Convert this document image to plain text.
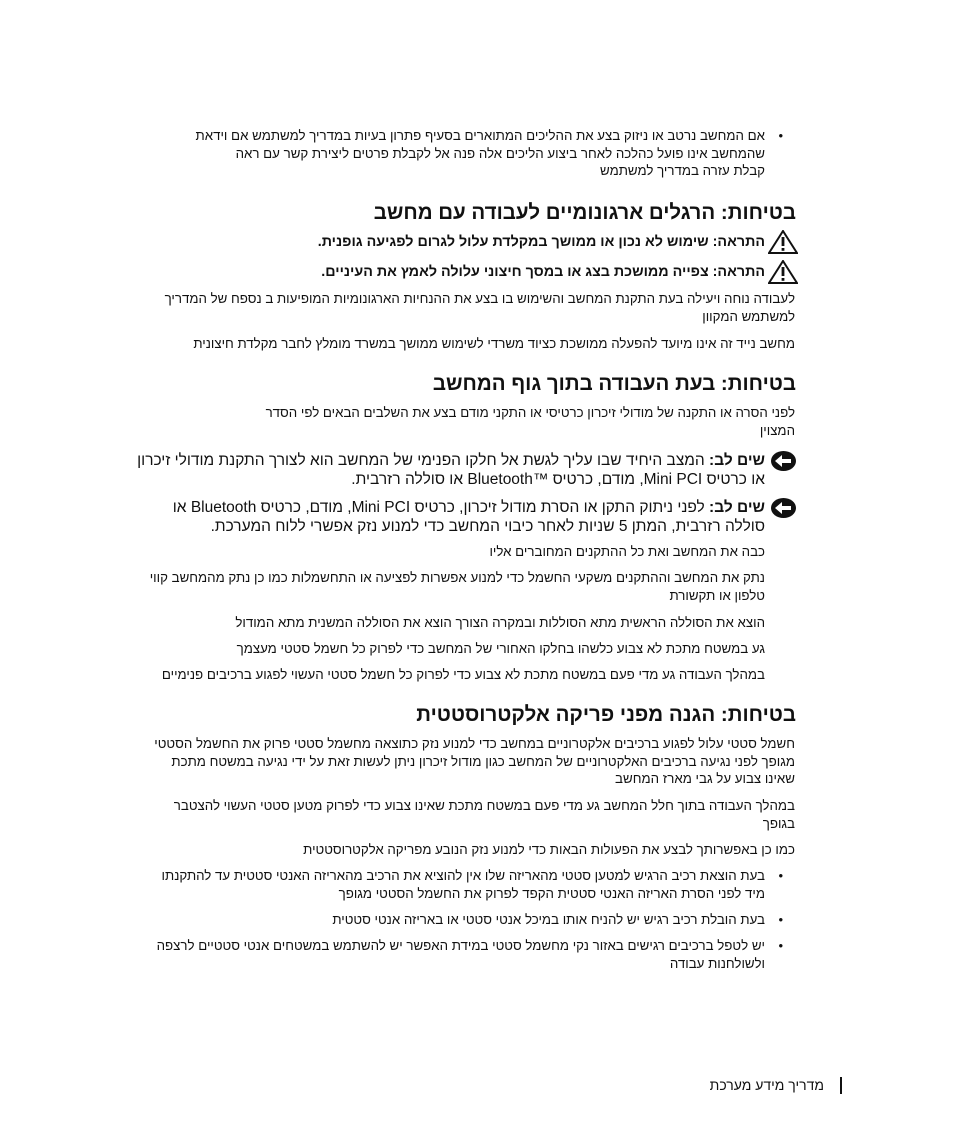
•
אם המחשב נרטב או ניזוק בצע את ההליכים המתוארים בסעיף פתרון בעיות במדריך למשתמש אם וידאת
שהמחשב אינו פועל כהלכה לאחר ביצוע הליכים אלה פנה אל לקבלת פרטים ליצירת קשר עם ראה
קבלת עזרה במדריך למשתמש
בטיחות: הרגלים ארגונומיים לעבודה עם מחשב
התראה: שימוש לא נכון או ממושך במקלדת עלול לגרום לפגיעה גופנית.
התראה: צפייה ממושכת בצג או במסך חיצוני עלולה לאמץ את העיניים.
לעבודה נוחה ויעילה בעת התקנת המחשב והשימוש בו בצע את ההנחיות הארגונומיות המופיעות ב נספח של המדריך
למשתמש המקוון
מחשב נייד זה אינו מיועד להפעלה ממושכת כציוד משרדי לשימוש ממושך במשרד מומלץ לחבר מקלדת חיצונית
בטיחות: בעת העבודה בתוך גוף המחשב
לפני הסרה או התקנה של מודולי זיכרון כרטיסי או התקני מודם בצע את השלבים הבאים לפי הסדר
המצוין
שים לב: המצב היחיד שבו עליך לגשת אל חלקו הפנימי של המחשב הוא לצורך התקנת מודולי זיכרון
או כרטיס Mini PCI, מודם, כרטיס ™Bluetooth או סוללה רזרבית.
שים לב: לפני ניתוק התקן או הסרת מודול זיכרון, כרטיס Mini PCI, מודם, כרטיס Bluetooth או
סוללה רזרבית, המתן 5 שניות לאחר כיבוי המחשב כדי למנוע נזק אפשרי ללוח המערכת.
כבה את המחשב ואת כל ההתקנים המחוברים אליו
נתק את המחשב וההתקנים משקעי החשמל כדי למנוע אפשרות לפציעה או התחשמלות כמו כן נתק מהמחשב קווי
טלפון או תקשורת
הוצא את הסוללה הראשית מתא הסוללות ובמקרה הצורך הוצא את הסוללה המשנית מתא המודול
גע במשטח מתכת לא צבוע כלשהו בחלקו האחורי של המחשב כדי לפרוק כל חשמל סטטי מעצמך
במהלך העבודה גע מדי פעם במשטח מתכת לא צבוע כדי לפרוק כל חשמל סטטי העשוי לפגוע ברכיבים פנימיים
בטיחות: הגנה מפני פריקה אלקטרוסטטית
חשמל סטטי עלול לפגוע ברכיבים אלקטרוניים במחשב כדי למנוע נזק כתוצאה מחשמל סטטי פרוק את החשמל הסטטי
מגופך לפני נגיעה ברכיבים האלקטרוניים של המחשב כגון מודול זיכרון ניתן לעשות זאת על ידי נגיעה במשטח מתכת
שאינו צבוע על גבי מארז המחשב
במהלך העבודה בתוך חלל המחשב גע מדי פעם במשטח מתכת שאינו צבוע כדי לפרוק מטען סטטי העשוי להצטבר
בגופך
כמו כן באפשרותך לבצע את הפעולות הבאות כדי למנוע נזק הנובע מפריקה אלקטרוסטטית
•
בעת הוצאת רכיב הרגיש למטען סטטי מהאריזה שלו אין להוציא את הרכיב מהאריזה האנטי סטטית עד להתקנתו
מיד לפני הסרת האריזה האנטי סטטית הקפד לפרוק את החשמל הסטטי מגופך
•
בעת הובלת רכיב רגיש יש להניח אותו במיכל אנטי סטטי או באריזה אנטי סטטית
•
יש לטפל ברכיבים רגישים באזור נקי מחשמל סטטי במידת האפשר יש להשתמש במשטחים אנטי סטטיים לרצפה
ולשולחנות עבודה
מדריך מידע מערכת
